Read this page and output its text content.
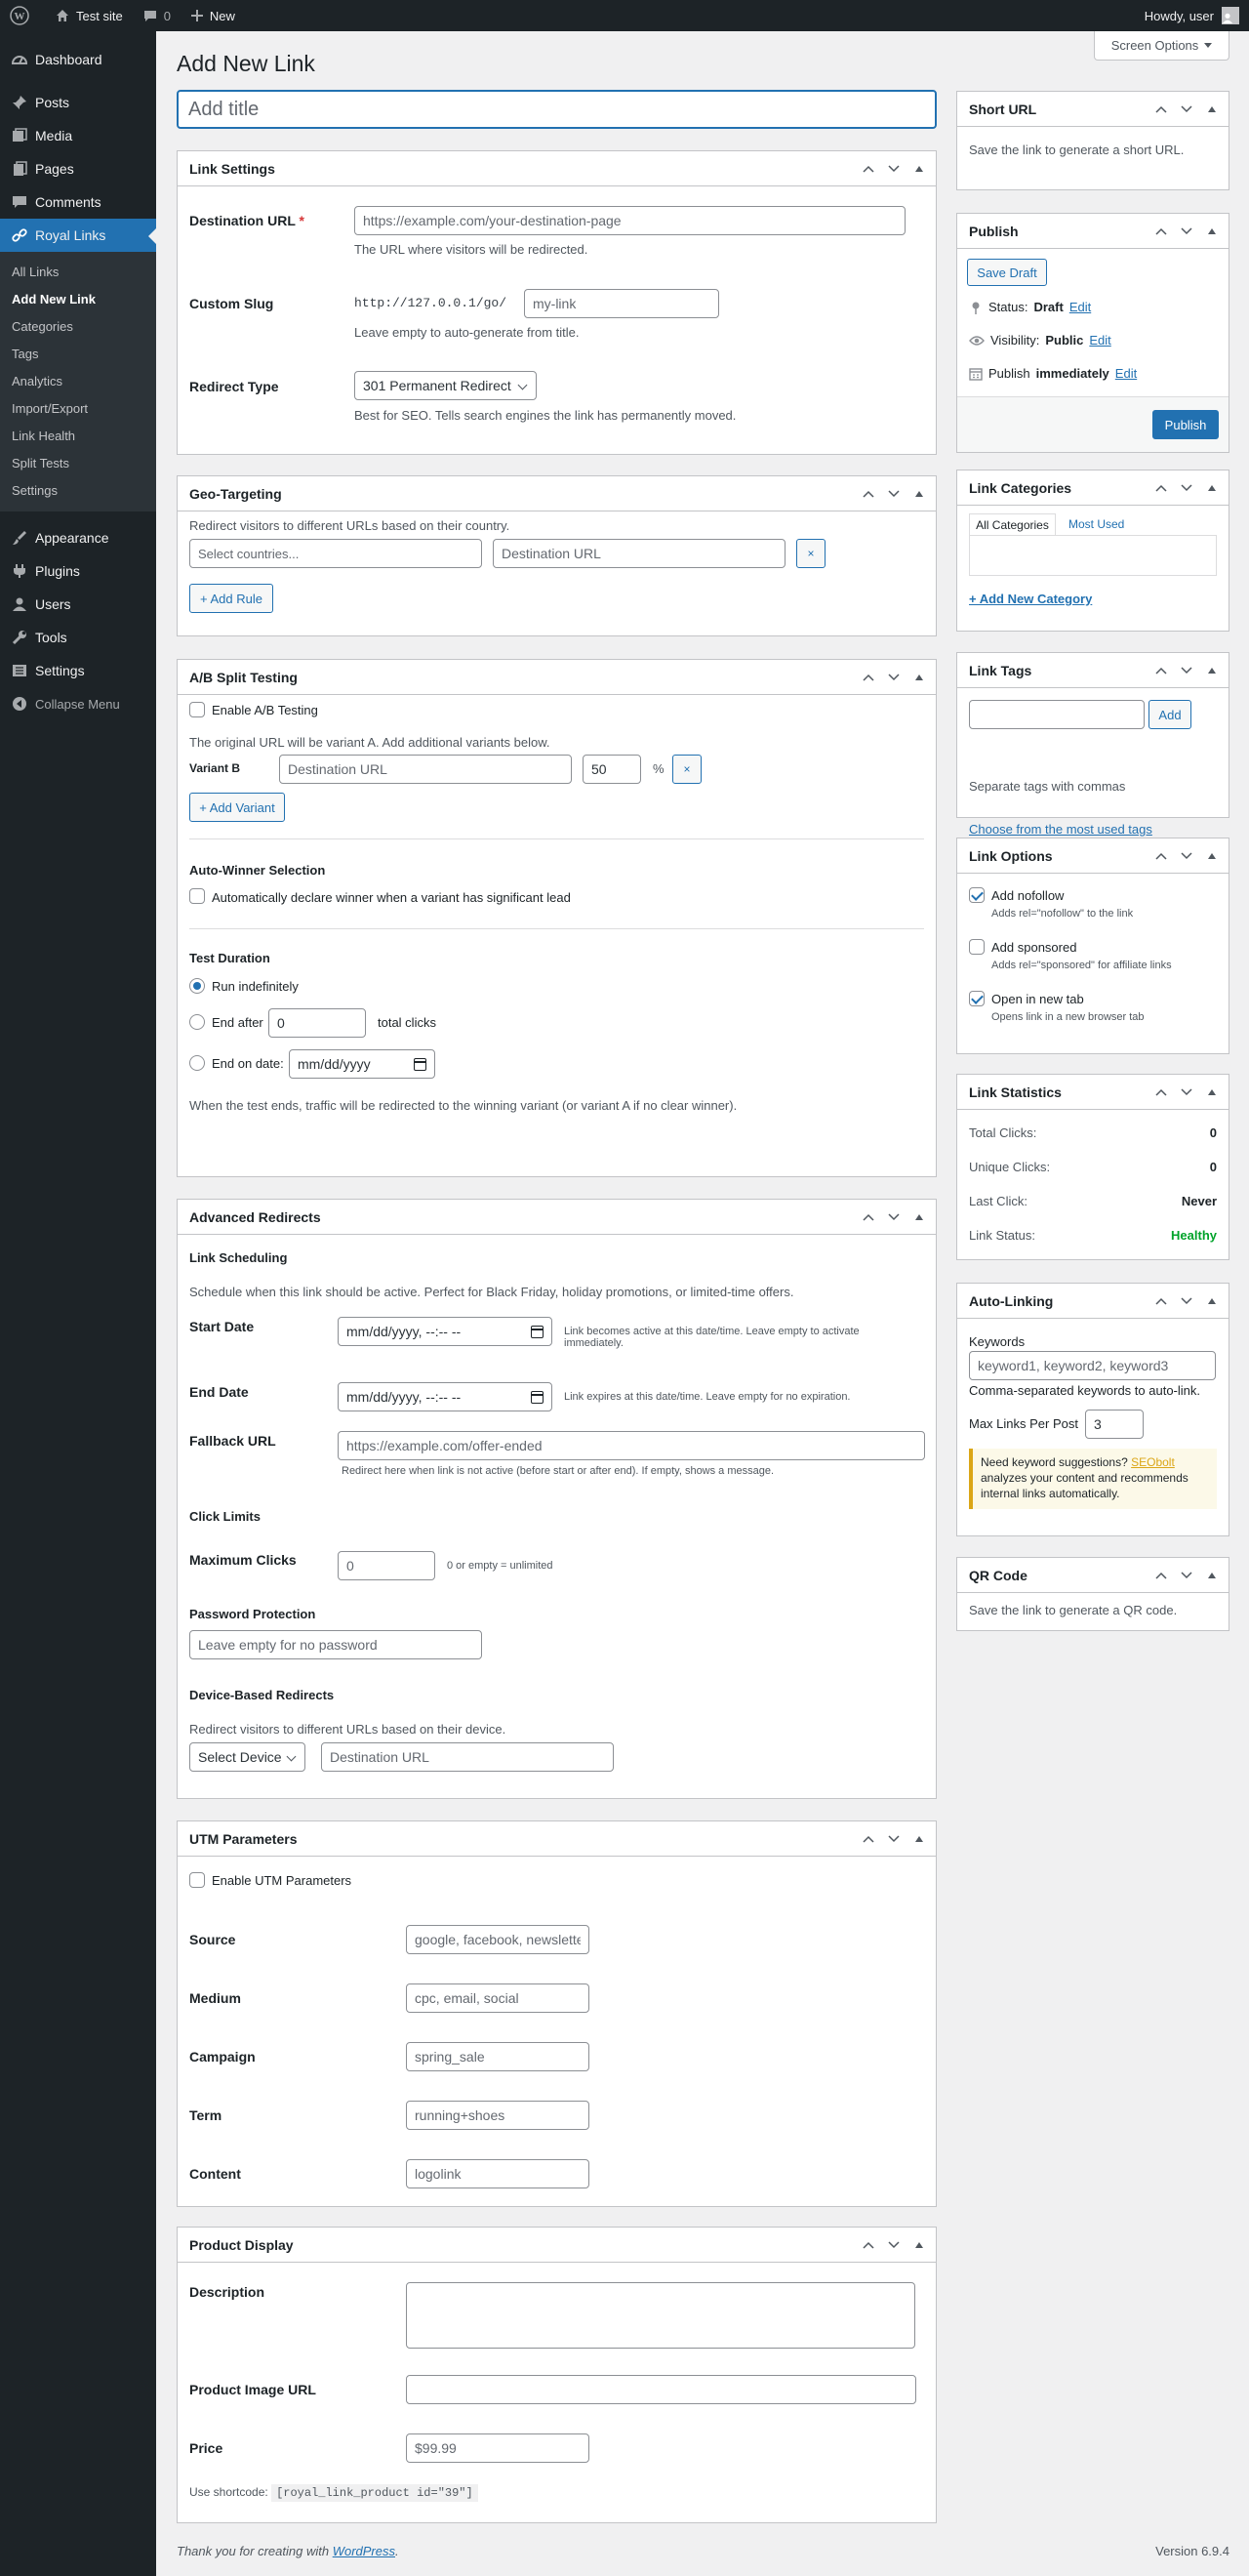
W	Test site	0	New	Howdy, user
Dashboard
Posts
Media
Pages
Comments
Royal Links
All Links
Add New Link
Categories
Tags
Analytics
Import/Export
Link Health
Split Tests
Settings
Appearance
Plugins
Users
Tools
Settings
Collapse Menu
Screen Options
Add New Link
Add title
Link Settings
Destination URL *
https://example.com/your-destination-page
The URL where visitors will be redirected.
Custom Slug	http://127.0.0.1/go/
my-link
Leave empty to auto-generate from title.
Redirect Type	301 Permanent Redirect
Best for SEO. Tells search engines the link has permanently moved.
Geo-Targeting
Redirect visitors to different URLs based on their country.
Select countries...
Destination URL
×
+ Add Rule
A/B Split Testing
Enable A/B Testing
The original URL will be variant A. Add additional variants below.
Variant B
Destination URL
50	%	×
+ Add Variant
Auto-Winner Selection
Automatically declare winner when a variant has significant lead
Test Duration
Run indefinitely
End after
0	total clicks
End on date: mm/dd/yyyy
When the test ends, traffic will be redirected to the winning variant (or variant A if no clear winner).
Advanced Redirects
Link Scheduling
Schedule when this link should be active. Perfect for Black Friday, holiday promotions, or limited-time offers.
Start Date	mm/dd/yyyy, --:-- --	Link becomes active at this date/time. Leave empty to activate immediately.
End Date	mm/dd/yyyy, --:-- --	Link expires at this date/time. Leave empty for no expiration.
Fallback URL
https://example.com/offer-ended
Redirect here when link is not active (before start or after end). If empty, shows a message.
Click Limits
Maximum Clicks
0	0 or empty = unlimited
Password Protection
Leave empty for no password
Device-Based Redirects
Redirect visitors to different URLs based on their device.
Select Device
Destination URL
UTM Parameters
Enable UTM Parameters
Source
google, facebook, newsletter
Medium
cpc, email, social
Campaign
spring_sale
Term
running+shoes
Content
logolink
Product Display
Description
Product Image URL
Price
$99.99
Use shortcode: [royal_link_product id="39"]
Short URL
Save the link to generate a short URL.
Publish
Save Draft
Status: Draft Edit
Visibility: Public Edit
Publish immediately Edit
Publish
Link Categories
All Categories	Most Used
+ Add New Category
Link Tags
Add
Separate tags with commas
Choose from the most used tags
Link Options
Add nofollow
Adds rel="nofollow" to the link
Add sponsored
Adds rel="sponsored" for affiliate links
Open in new tab
Opens link in a new browser tab
Link Statistics
Total Clicks:	0
Unique Clicks:	0
Last Click:	Never
Link Status:	Healthy
Auto-Linking
Keywords
keyword1, keyword2, keyword3
Comma-separated keywords to auto-link.
Max Links Per Post
3
Need keyword suggestions? SEObolt analyzes your content and recommends internal links automatically.
QR Code
Save the link to generate a QR code.
Thank you for creating with WordPress.	Version 6.9.4
